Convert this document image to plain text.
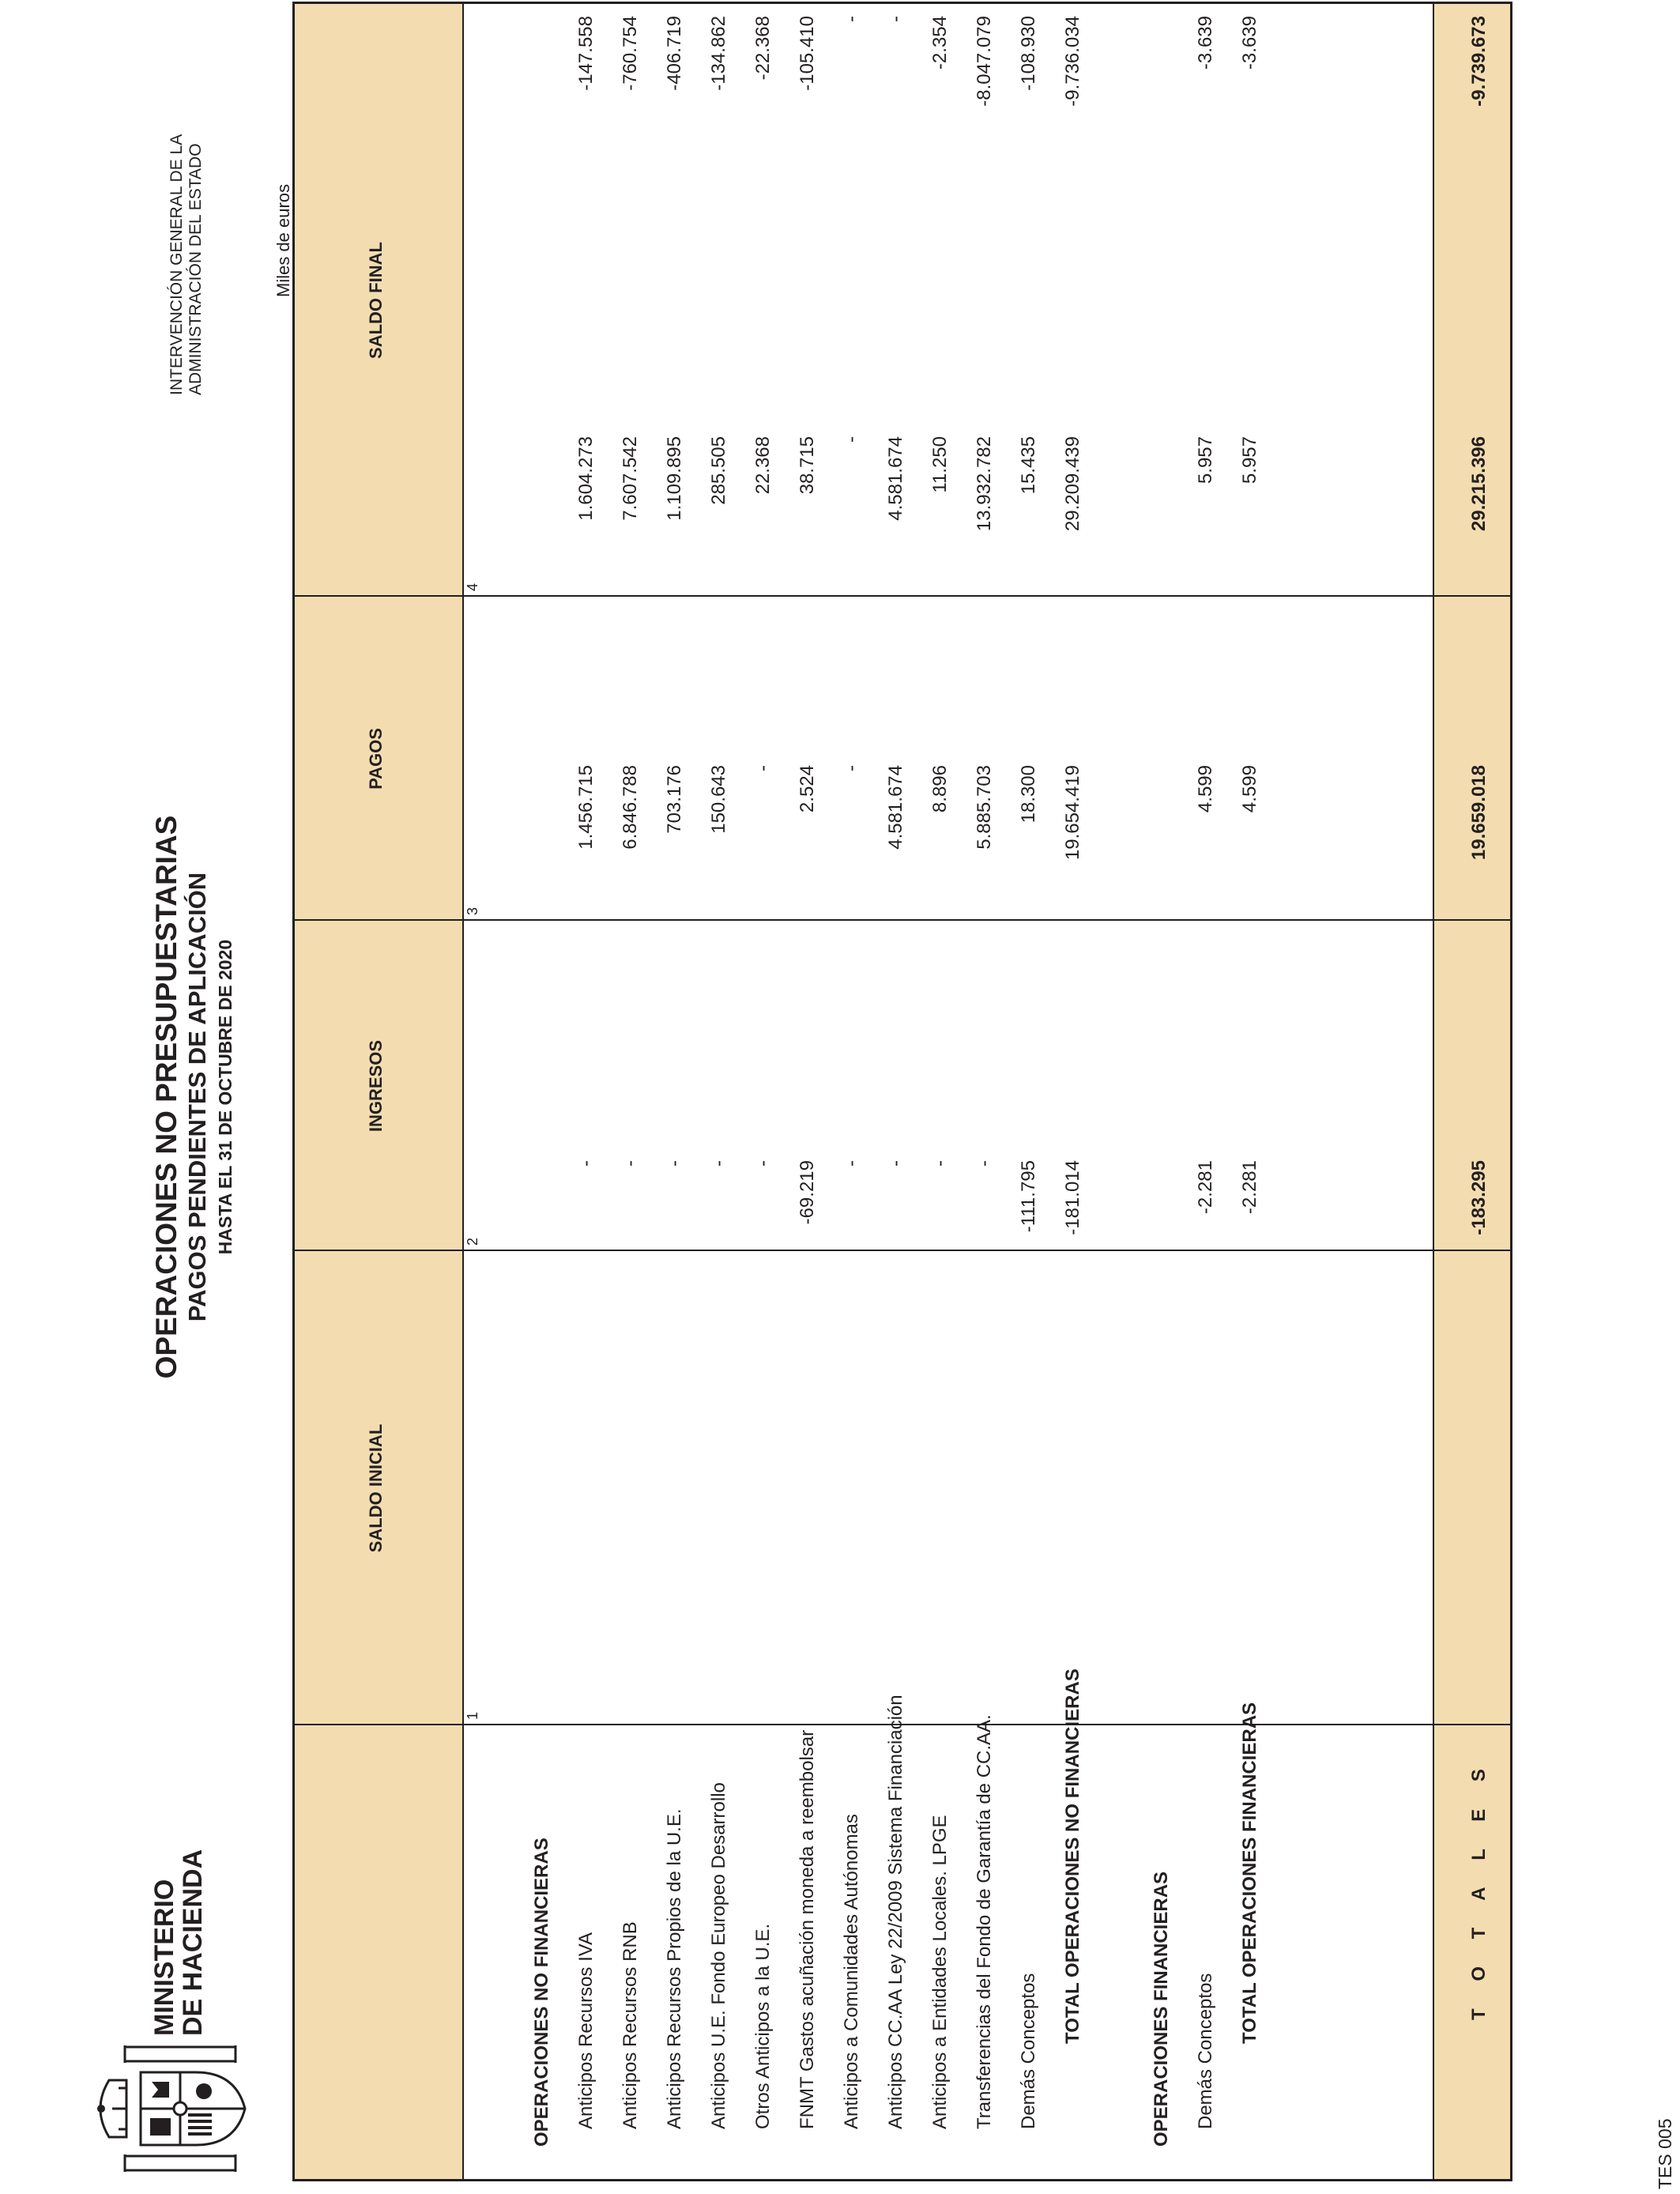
MINISTERIO
DE HACIENDA
OPERACIONES NO PRESUPUESTARIAS PAGOS PENDIENTES DE APLICACIÓN HASTA EL 31 DE OCTUBRE DE 2020
INTERVENCIÓN GENERAL DE LA ADMINISTRACIÓN DEL ESTADO	Miles de euros
SALDO INICIAL
INGRESOS
PAGOS
SALDO FINAL
1
2
3
4
OPERACIONES NO FINANCIERAS Anticipos Recursos IVA
-
1.456.715
1.604.273
-147.558
Anticipos Recursos RNB
-
6.846.788
7.607.542
-760.754
Anticipos Recursos Propios de la U.E.
-
703.176
1.109.895
-406.719
Anticipos U.E. Fondo Europeo Desarrollo
-
150.643
285.505
-134.862
Otros Anticipos a la U.E.
-
-
22.368
-22.368
FNMT Gastos acuñación moneda a reembolsar
-69.219
2.524
38.715
-105.410
Anticipos a Comunidades Autónomas
-
-
-
-
Anticipos CC.AA Ley 22/2009 Sistema Financiación
-
4.581.674
4.581.674
-
Anticipos a Entidades Locales. LPGE
-
8.896
11.250
-2.354
Transferencias del Fondo de Garantía de CC.AA.
-
5.885.703
13.932.782
-8.047.079
Demás Conceptos
-111.795
18.300
15.435
-108.930
TOTAL OPERACIONES NO FINANCIERAS
-181.014
19.654.419
29.209.439
-9.736.034
OPERACIONES FINANCIERAS Demás Conceptos
-2.281
4.599
5.957
-3.639
TOTAL OPERACIONES FINANCIERAS
-2.281
4.599
5.957
-3.639
T O T A L E S
-183.295
19.659.018
29.215.396
-9.739.673
TES 005
